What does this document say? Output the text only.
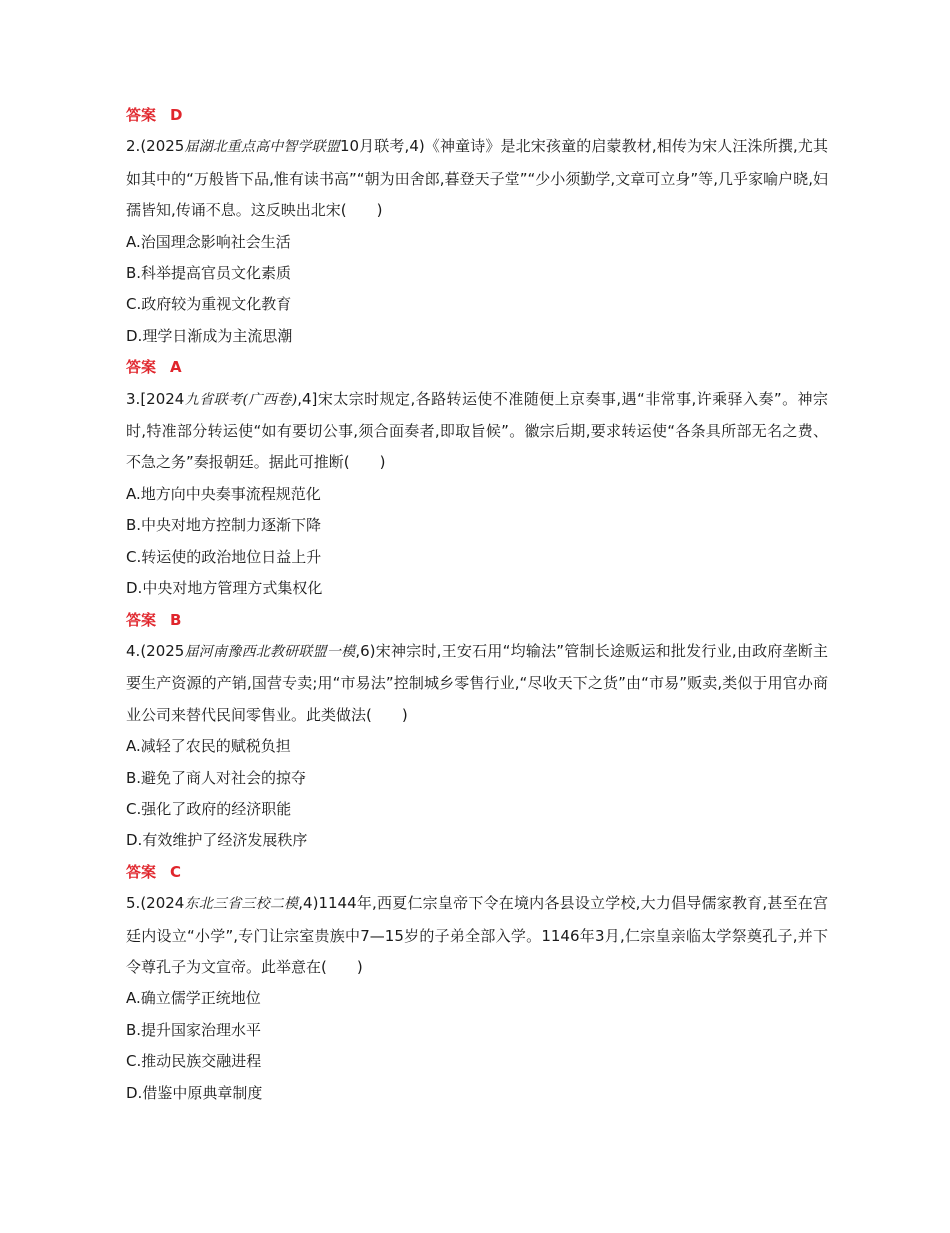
答案 D
2.(2025届湖北重点高中智学联盟10月联考,4)《神童诗》是北宋孩童的启蒙教材,相传为宋人汪洙所撰,尤其如其中的“万般皆下品,惟有读书高”“朝为田舍郎,暮登天子堂”“少小须勤学,文章可立身”等,几乎家喻户晓,妇孺皆知,传诵不息。这反映出北宋(　　)
A.治国理念影响社会生活
B.科举提高官员文化素质
C.政府较为重视文化教育
D.理学日渐成为主流思潮
答案 A
3.[2024九省联考(广西卷),4]宋太宗时规定,各路转运使不准随便上京奏事,遇“非常事,许乘驿入奏”。神宗时,特准部分转运使“如有要切公事,须合面奏者,即取旨候”。徽宗后期,要求转运使“各条具所部无名之费、不急之务”奏报朝廷。据此可推断(　　)
A.地方向中央奏事流程规范化
B.中央对地方控制力逐渐下降
C.转运使的政治地位日益上升
D.中央对地方管理方式集权化
答案 B
4.(2025届河南豫西北教研联盟一模,6)宋神宗时,王安石用“均输法”管制长途贩运和批发行业,由政府垄断主要生产资源的产销,国营专卖;用“市易法”控制城乡零售行业,“尽收天下之货”由“市易”贩卖,类似于用官办商业公司来替代民间零售业。此类做法(　　)
A.减轻了农民的赋税负担
B.避免了商人对社会的掠夺
C.强化了政府的经济职能
D.有效维护了经济发展秩序
答案 C
5.(2024东北三省三校二模,4)1144年,西夏仁宗皇帝下令在境内各县设立学校,大力倡导儒家教育,甚至在宫廷内设立“小学”,专门让宗室贵族中7—15岁的子弟全部入学。1146年3月,仁宗皇亲临太学祭奠孔子,并下令尊孔子为文宣帝。此举意在(　　)
A.确立儒学正统地位
B.提升国家治理水平
C.推动民族交融进程
D.借鉴中原典章制度
